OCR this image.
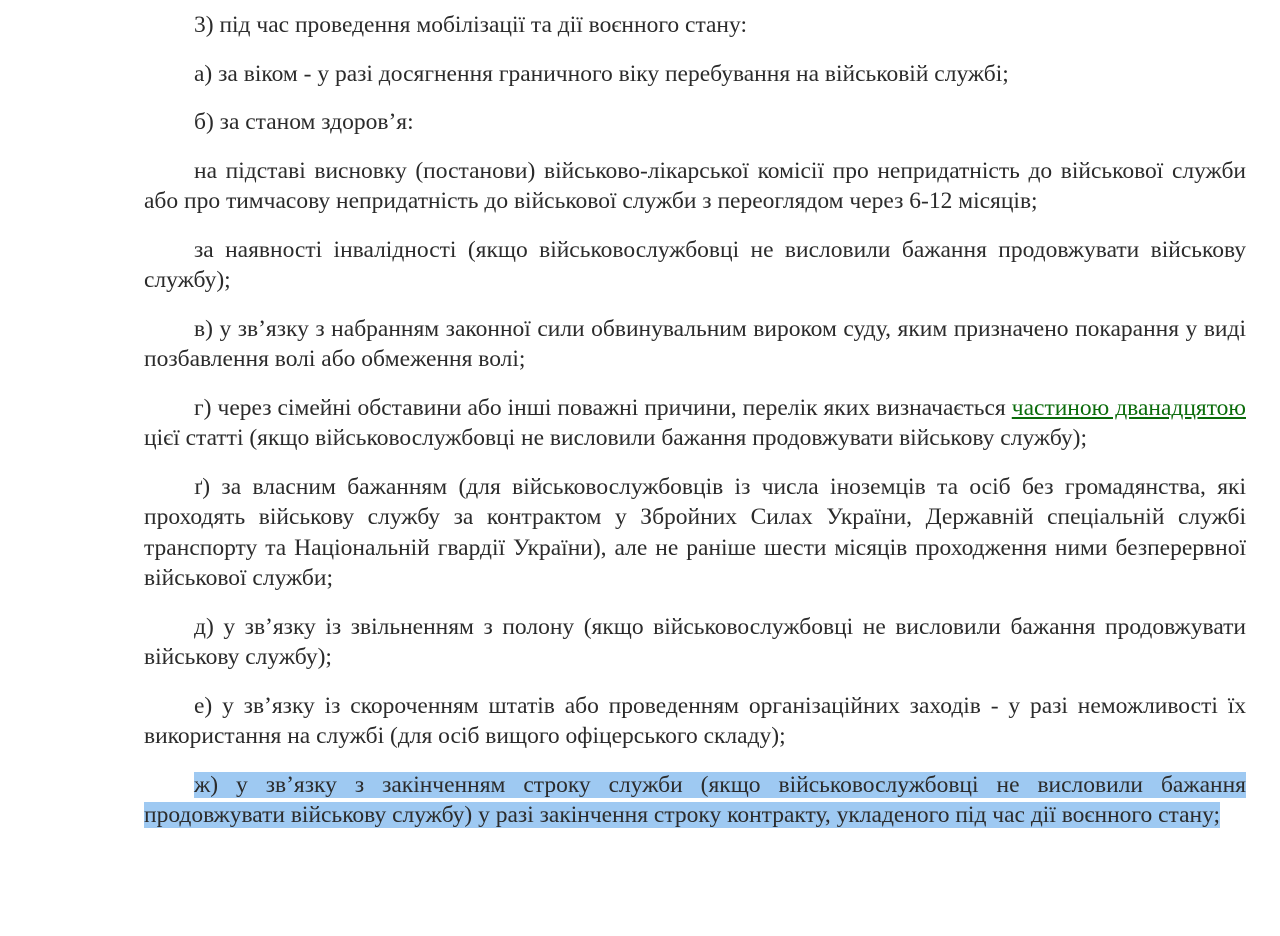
3) під час проведення мобілізації та дії воєнного стану:

а) за віком - у разі досягнення граничного віку перебування на військовій службі;

б) за станом здоров’я:

на підставі висновку (постанови) військово-лікарської комісії про непридатність до військової служби або про тимчасову непридатність до військової служби з переоглядом через 6-12 місяців;

за наявності інвалідності (якщо військовослужбовці не висловили бажання продовжувати військову службу);

в) у зв’язку з набранням законної сили обвинувальним вироком суду, яким призначено покарання у виді позбавлення волі або обмеження волі;

г) через сімейні обставини або інші поважні причини, перелік яких визначається частиною дванадцятою цієї статті (якщо військовослужбовці не висловили бажання продовжувати військову службу);

ґ) за власним бажанням (для військовослужбовців із числа іноземців та осіб без громадянства, які проходять військову службу за контрактом у Збройних Силах України, Державній спеціальній службі транспорту та Національній гвардії України), але не раніше шести місяців проходження ними безперервної військової служби;

д) у зв’язку із звільненням з полону (якщо військовослужбовці не висловили бажання продовжувати військову службу);

е) у зв’язку із скороченням штатів або проведенням організаційних заходів - у разі неможливості їх використання на службі (для осіб вищого офіцерського складу);

ж) у зв’язку з закінченням строку служби (якщо військовослужбовці не висловили бажання продовжувати військову службу) у разі закінчення строку контракту, укладеного під час дії воєнного стану;
